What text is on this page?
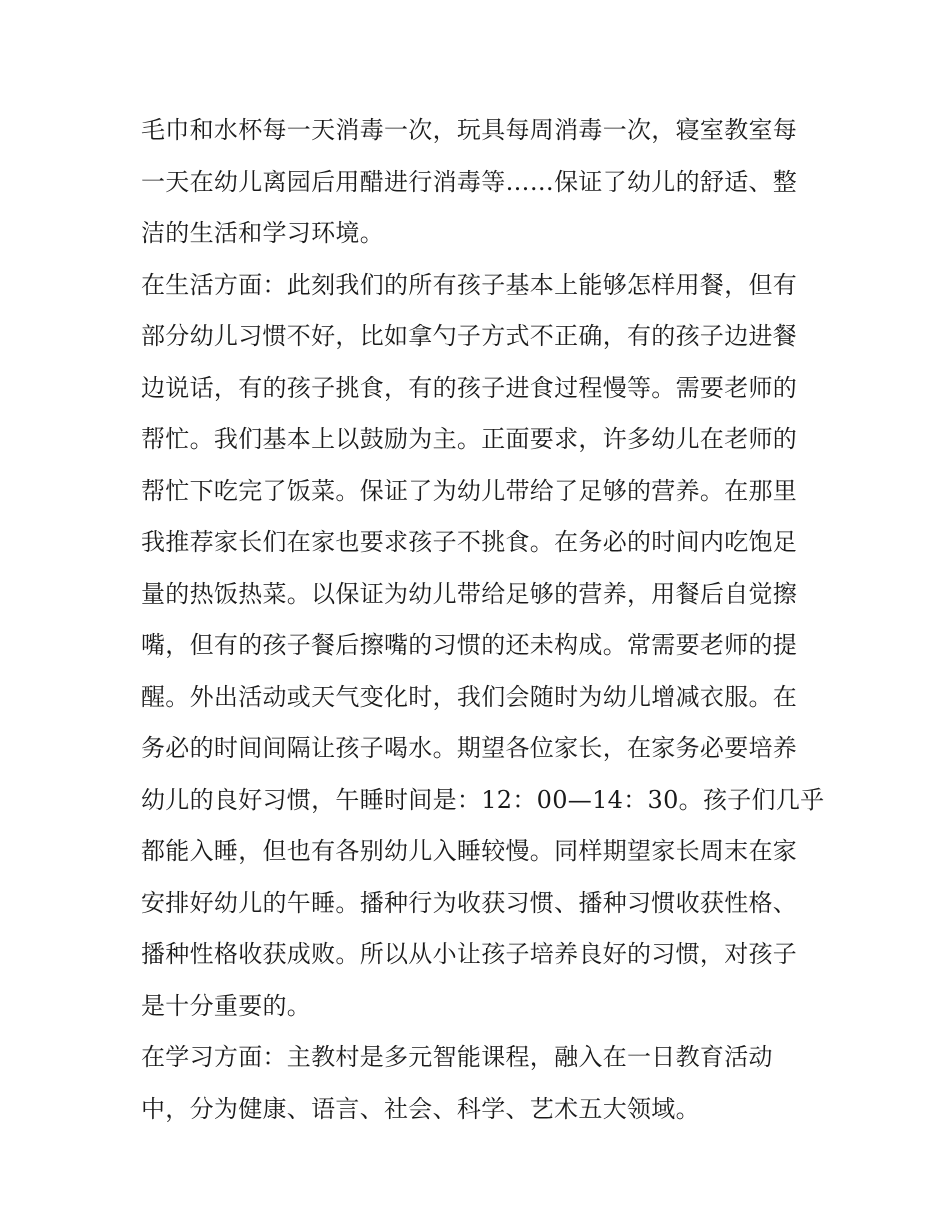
毛巾和水杯每一天消毒一次，玩具每周消毒一次，寝室教室每
一天在幼儿离园后用醋进行消毒等……保证了幼儿的舒适、整
洁的生活和学习环境。
在生活方面：此刻我们的所有孩子基本上能够怎样用餐，但有
部分幼儿习惯不好，比如拿勺子方式不正确，有的孩子边进餐
边说话，有的孩子挑食，有的孩子进食过程慢等。需要老师的
帮忙。我们基本上以鼓励为主。正面要求，许多幼儿在老师的
帮忙下吃完了饭菜。保证了为幼儿带给了足够的营养。在那里
我推荐家长们在家也要求孩子不挑食。在务必的时间内吃饱足
量的热饭热菜。以保证为幼儿带给足够的营养，用餐后自觉擦
嘴，但有的孩子餐后擦嘴的习惯的还未构成。常需要老师的提
醒。外出活动或天气变化时，我们会随时为幼儿增减衣服。在
务必的时间间隔让孩子喝水。期望各位家长，在家务必要培养
幼儿的良好习惯，午睡时间是：12：00—14：30。孩子们几乎
都能入睡，但也有各别幼儿入睡较慢。同样期望家长周末在家
安排好幼儿的午睡。播种行为收获习惯、播种习惯收获性格、
播种性格收获成败。所以从小让孩子培养良好的习惯，对孩子
是十分重要的。
在学习方面：主教村是多元智能课程，融入在一日教育活动
中，分为健康、语言、社会、科学、艺术五大领域。
